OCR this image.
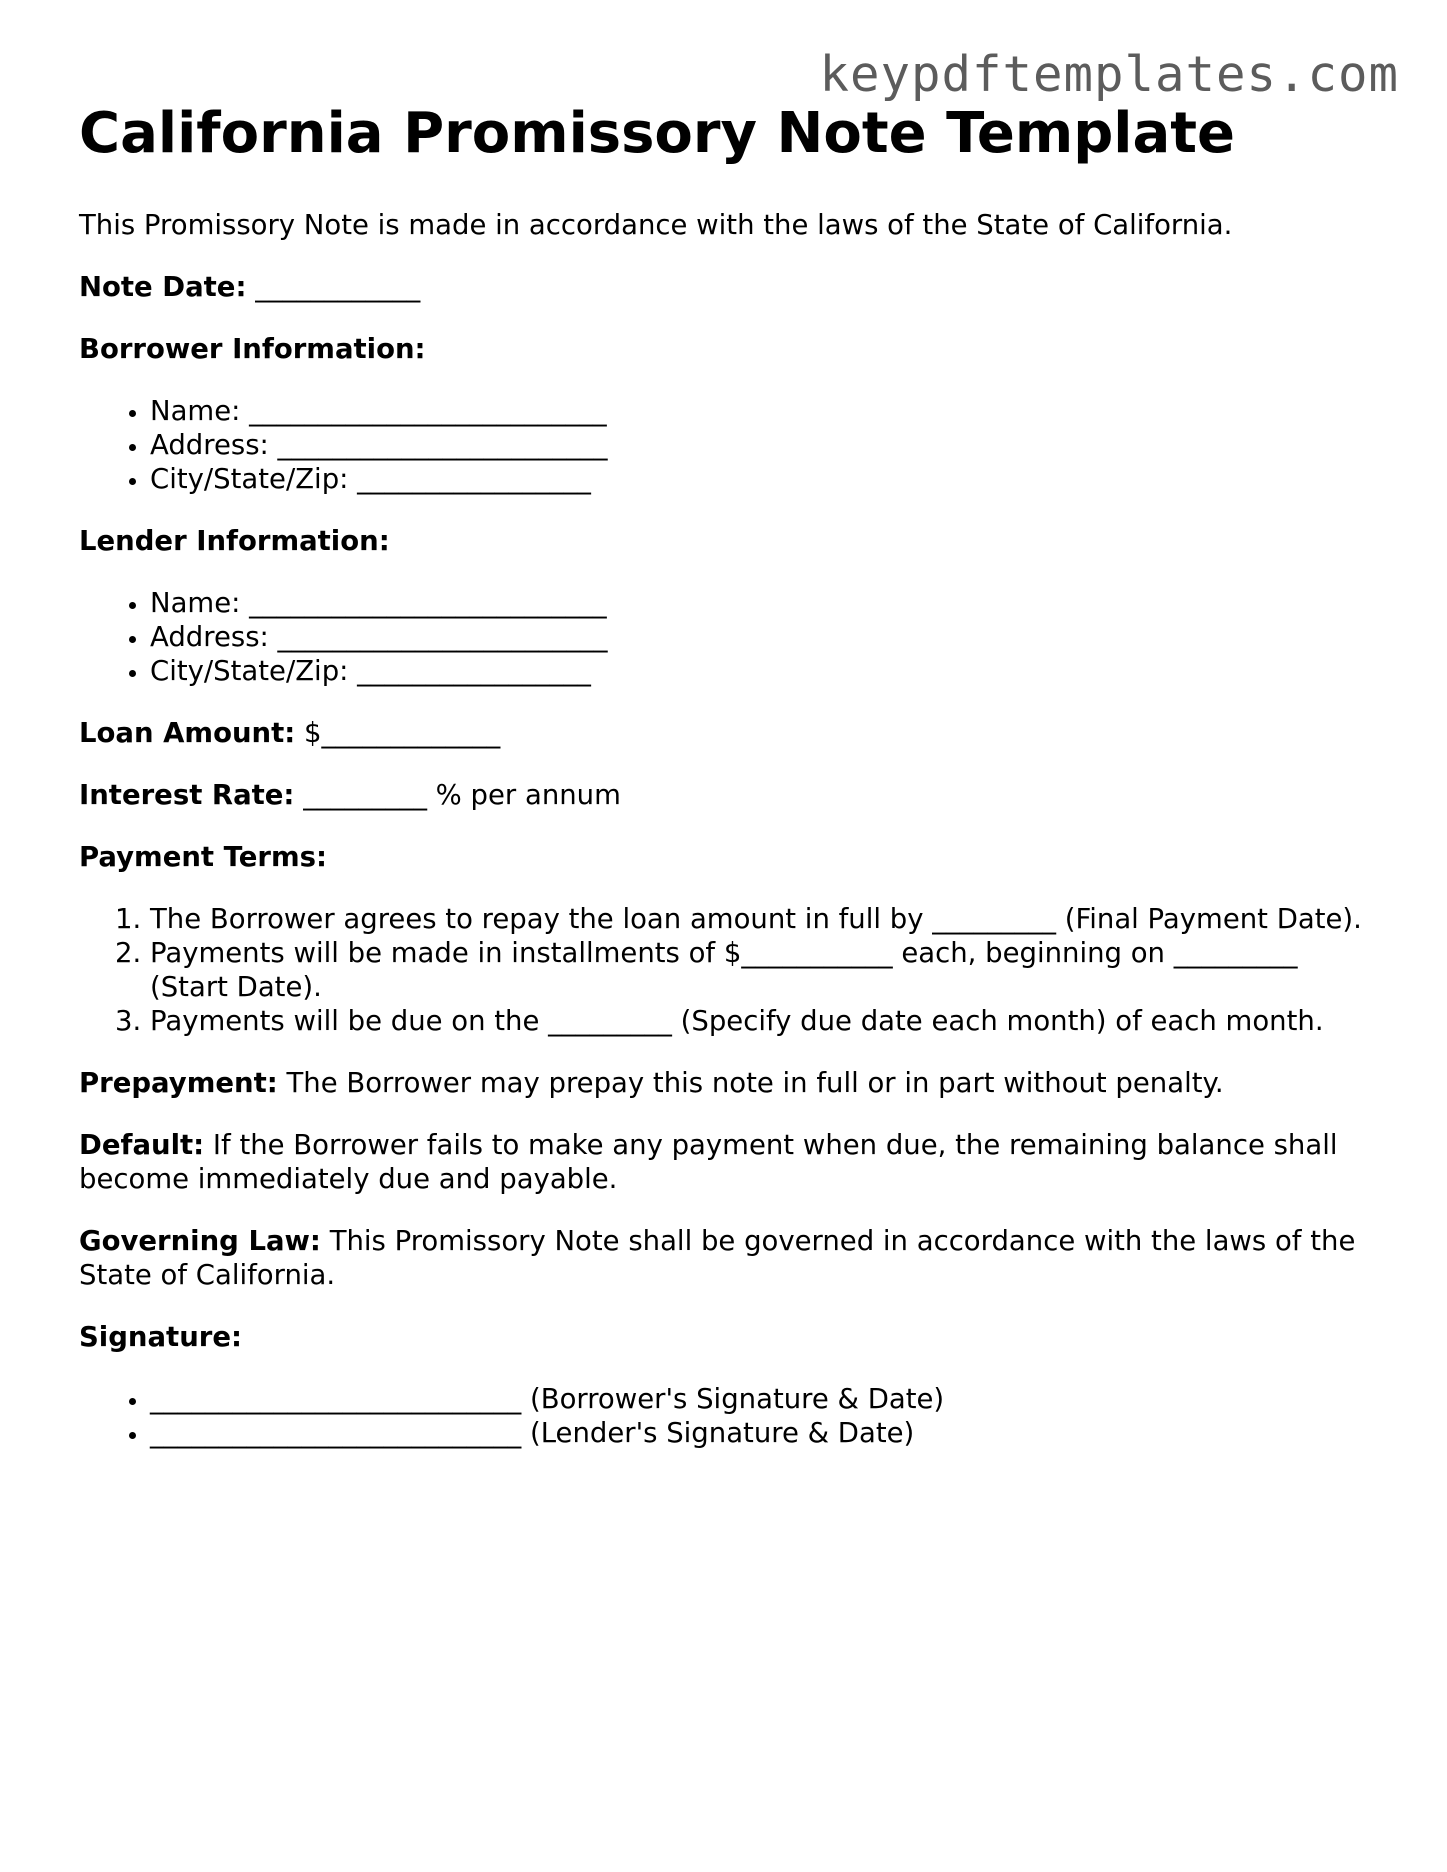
keypdftemplates.com
California Promissory Note Template

This Promissory Note is made in accordance with the laws of the State of California.

Note Date: ____________

Borrower Information:

• Name: __________________________
• Address: ________________________
• City/State/Zip: _________________

Lender Information:

• Name: __________________________
• Address: ________________________
• City/State/Zip: _________________

Loan Amount: $_____________

Interest Rate: _________ % per annum

Payment Terms:

1. The Borrower agrees to repay the loan amount in full by _________ (Final Payment Date).
2. Payments will be made in installments of $___________ each, beginning on _________ (Start Date).
3. Payments will be due on the _________ (Specify due date each month) of each month.

Prepayment: The Borrower may prepay this note in full or in part without penalty.

Default: If the Borrower fails to make any payment when due, the remaining balance shall become immediately due and payable.

Governing Law: This Promissory Note shall be governed in accordance with the laws of the State of California.

Signature:

• ___________________________ (Borrower's Signature & Date)
• ___________________________ (Lender's Signature & Date)
